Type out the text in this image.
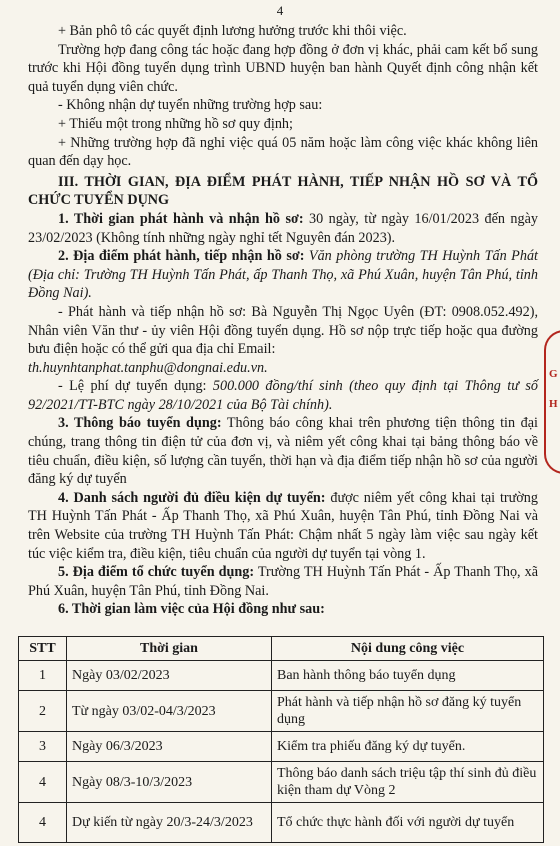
4
G
H

+ Bản phô tô các quyết định lương hưởng trước khi thôi việc.

Trường hợp đang công tác hoặc đang hợp đồng ở đơn vị khác, phải cam kết bổ sung trước khi Hội đồng tuyển dụng trình UBND huyện ban hành Quyết định công nhận kết quả tuyển dụng viên chức.

- Không nhận dự tuyển những trường hợp sau:

+ Thiếu một trong những hồ sơ quy định;

+ Những trường hợp đã nghỉ việc quá 05 năm hoặc làm công việc khác không liên quan đến dạy học.

III. THỜI GIAN, ĐỊA ĐIỂM PHÁT HÀNH, TIẾP NHẬN HỒ SƠ VÀ TỔ CHỨC TUYỂN DỤNG

1. Thời gian phát hành và nhận hồ sơ: 30 ngày, từ ngày 16/01/2023 đến ngày 23/02/2023 (Không tính những ngày nghỉ tết Nguyên đán 2023).

2. Địa điểm phát hành, tiếp nhận hồ sơ: Văn phòng trường TH Huỳnh Tấn Phát (Địa chỉ: Trường TH Huỳnh Tấn Phát, ấp Thanh Thọ, xã Phú Xuân, huyện Tân Phú, tỉnh Đồng Nai).

- Phát hành và tiếp nhận hồ sơ: Bà Nguyễn Thị Ngọc Uyên (ĐT: 0908.052.492), Nhân viên Văn thư - ủy viên Hội đồng tuyển dụng. Hồ sơ nộp trực tiếp hoặc qua đường bưu điện hoặc có thể gửi qua địa chỉ Email:

th.huynhtanphat.tanphu@dongnai.edu.vn.

- Lệ phí dự tuyển dụng: 500.000 đồng/thí sinh (theo quy định tại Thông tư số 92/2021/TT-BTC ngày 28/10/2021 của Bộ Tài chính).

3. Thông báo tuyển dụng: Thông báo công khai trên phương tiện thông tin đại chúng, trang thông tin điện tử của đơn vị, và niêm yết công khai tại bảng thông báo về tiêu chuẩn, điều kiện, số lượng cần tuyển, thời hạn và địa điểm tiếp nhận hồ sơ của người đăng ký dự tuyển

4. Danh sách người đủ điều kiện dự tuyển: được niêm yết công khai tại trường TH Huỳnh Tấn Phát - Ấp Thanh Thọ, xã Phú Xuân, huyện Tân Phú, tỉnh Đồng Nai và trên Website của trường TH Huỳnh Tấn Phát: Chậm nhất 5 ngày làm việc sau ngày kết túc việc kiểm tra, điều kiện, tiêu chuẩn của người dự tuyển tại vòng 1.

5. Địa điểm tổ chức tuyển dụng: Trường TH Huỳnh Tấn Phát - Ấp Thanh Thọ, xã Phú Xuân, huyện Tân Phú, tỉnh Đồng Nai.

6. Thời gian làm việc của Hội đồng như sau:

STT	Thời gian	Nội dung công việc
1	Ngày 03/02/2023	Ban hành thông báo tuyển dụng
2	Từ ngày 03/02-04/3/2023	Phát hành và tiếp nhận hồ sơ đăng ký tuyển dụng
3	Ngày 06/3/2023	Kiểm tra phiếu đăng ký dự tuyển.
4	Ngày 08/3-10/3/2023	Thông báo danh sách triệu tập thí sinh đủ điều kiện tham dự Vòng 2
4	Dự kiến từ ngày 20/3-24/3/2023	Tổ chức thực hành đối với người dự tuyển
